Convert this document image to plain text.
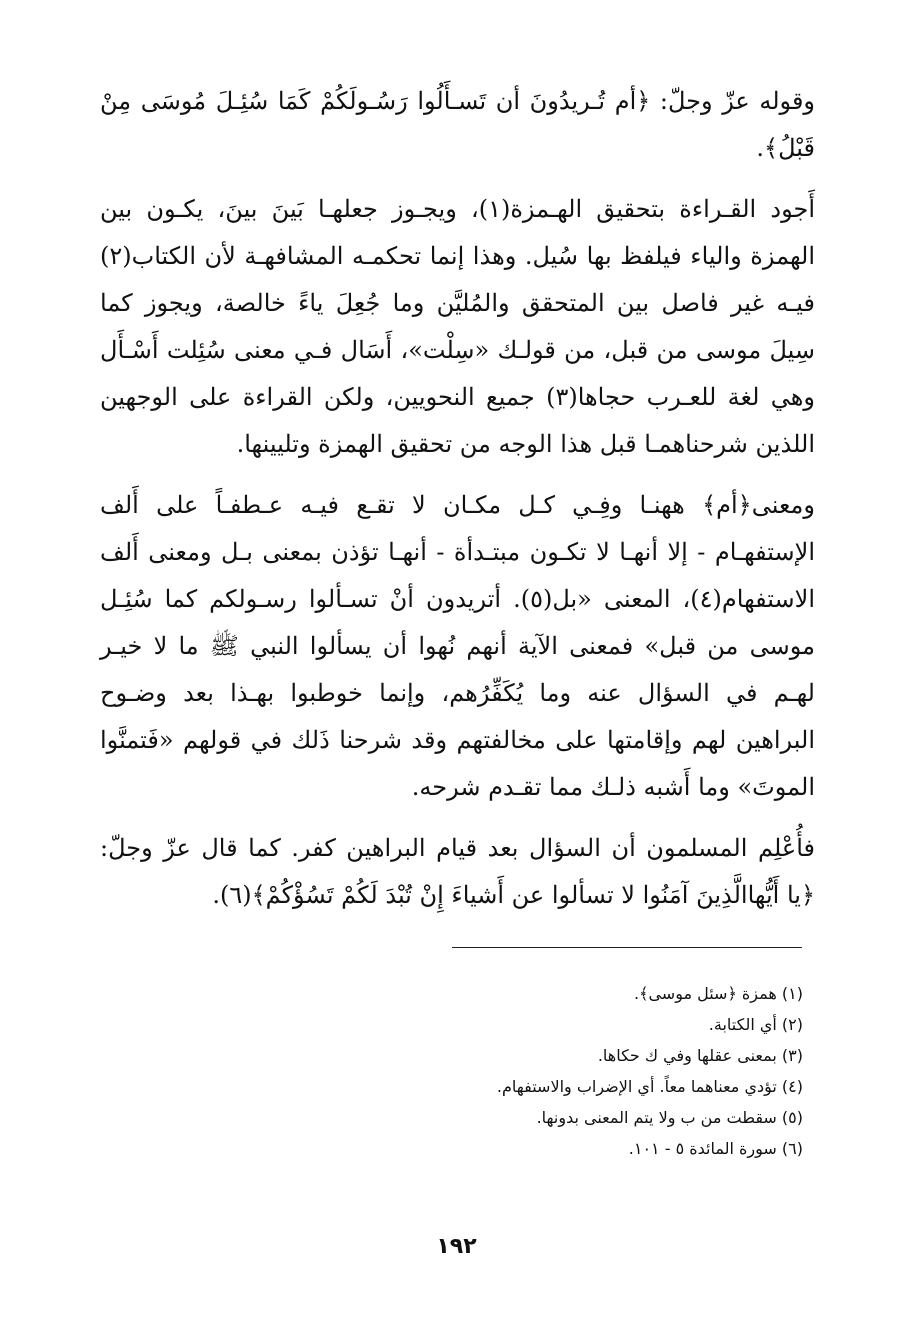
وقوله عزّ وجلّ: ﴿أم تُـريدُونَ أن تَسـأَلُوا رَسُـولَكُمْ كَمَا سُئِـلَ مُوسَى مِنْ قَبْلُ﴾.

أَجود القـراءة بتحقيق الهـمزة(١)، ويجـوز جعلهـا بَينَ بينَ، يكـون بين الهمزة والياء فيلفظ بها سُيل. وهذا إنما تحكمـه المشافهـة لأن الكتاب(٢) فيـه غير فاصل بين المتحقق والمُليَّن وما جُعِلَ ياءً خالصة، ويجوز كما سِيلَ موسى من قبل، من قولـك «سِلْت»، أَسَال فـي معنى سُئِلت أَسْـأَل وهي لغة للعـرب حجاها(٣) جميع النحويين، ولكن القراءة على الوجهين اللذين شرحناهمـا قبل هذا الوجه من تحقيق الهمزة وتليينها.

ومعنى﴿أم﴾ ههنـا وفِـي كـل مكـان لا تقـع فيـه عـطفـاً على أَلف الإستفهـام - إلا أنهـا لا تكـون مبتـدأة - أنهـا تؤذن بمعنى بـل ومعنى أَلف الاستفهام(٤)، المعنى «بل(٥). أتريدون أنْ تسـألوا رسـولكم كما سُئِـل موسى من قبل» فمعنى الآية أنهم نُهوا أن يسألوا النبي ﷺ ما لا خيـر لهـم في السؤال عنه وما يُكَفِّرُهم، وإنما خوطبوا بهـذا بعد وضـوح البراهين لهم وإقامتها على مخالفتهم وقد شرحنا ذَلك في قولهم «فَتمنَّوا الموتَ» وما أَشبه ذلـك مما تقـدم شرحه.

فأُعْلِم المسلمون أن السؤال بعد قيام البراهين كفر. كما قال عزّ وجلّ: ﴿يا أَيُّهاالَّذِينَ آمَنُوا لا تسألوا عن أَشياءَ إِنْ تُبْدَ لَكُمْ تَسُؤْكُمْ﴾(٦).

(١) همزة ﴿سئل موسى﴾.
(٢) أي الكتابة.
(٣) بمعنى عقلها وفي ك حكاها.
(٤) تؤدي معناهما معاً. أي الإضراب والاستفهام.
(٥) سقطت من ب ولا يتم المعنى بدونها.
(٦) سورة المائدة ٥ - ١٠١.
١٩٢
